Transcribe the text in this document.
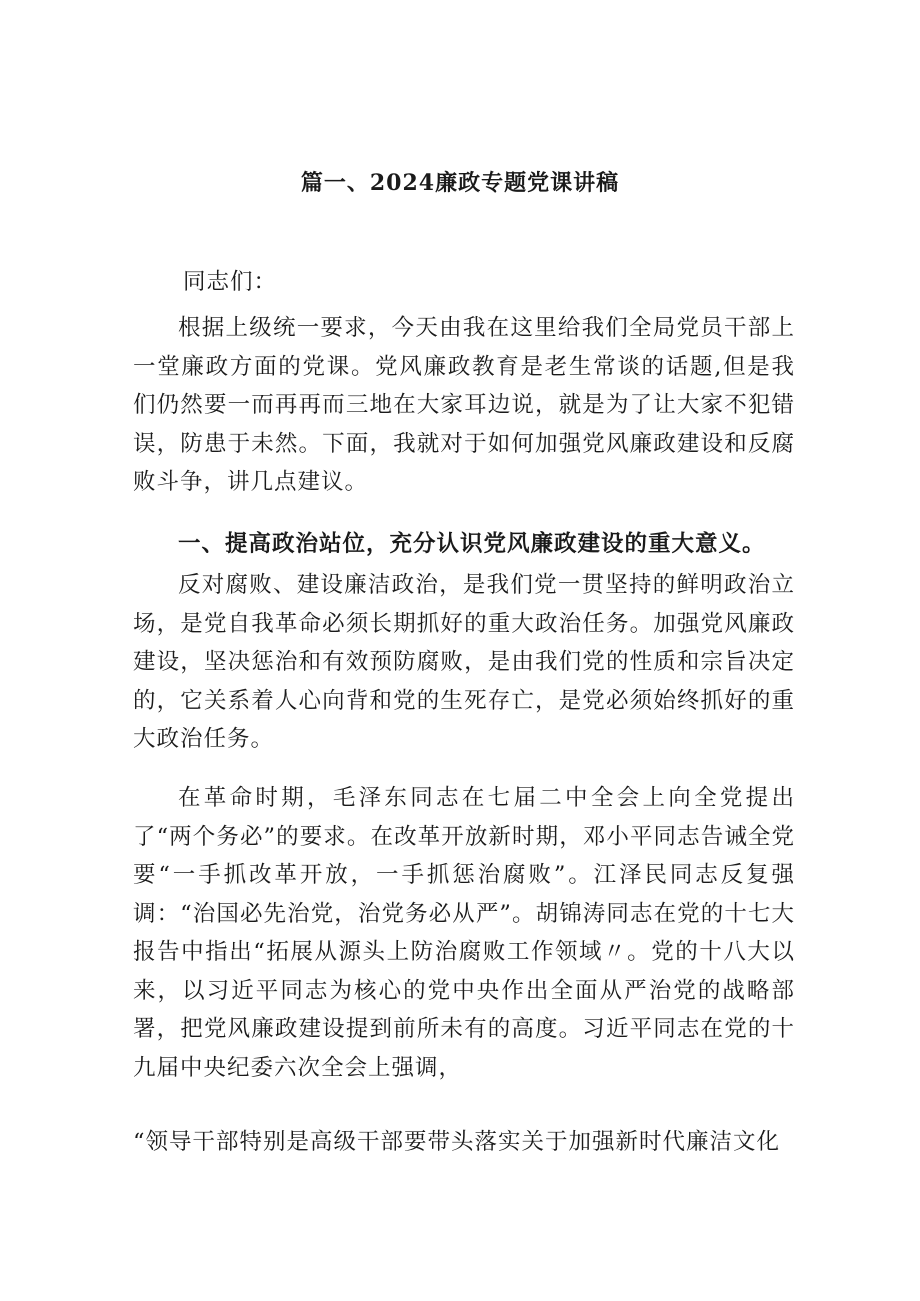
篇一、2024廉政专题党课讲稿
同志们：

根据上级统一要求，今天由我在这里给我们全局党员干部上一堂廉政方面的党课。党风廉政教育是老生常谈的话题,但是我们仍然要一而再再而三地在大家耳边说，就是为了让大家不犯错误，防患于未然。下面，我就对于如何加强党风廉政建设和反腐败斗争，讲几点建议。

一、提高政治站位，充分认识党风廉政建设的重大意义。

反对腐败、建设廉洁政治，是我们党一贯坚持的鲜明政治立场，是党自我革命必须长期抓好的重大政治任务。加强党风廉政建设，坚决惩治和有效预防腐败，是由我们党的性质和宗旨决定的，它关系着人心向背和党的生死存亡，是党必须始终抓好的重大政治任务。

在革命时期，毛泽东同志在七届二中全会上向全党提出了“两个务必”的要求。在改革开放新时期，邓小平同志告诫全党要“一手抓改革开放，一手抓惩治腐败”。江泽民同志反复强调：“治国必先治党，治党务必从严”。胡锦涛同志在党的十七大报告中指出“拓展从源头上防治腐败工作领域〃。党的十八大以来，以习近平同志为核心的党中央作出全面从严治党的战略部署，把党风廉政建设提到前所未有的高度。习近平同志在党的十九届中央纪委六次全会上强调，

“领导干部特别是高级干部要带头落实关于加强新时代廉洁文化
